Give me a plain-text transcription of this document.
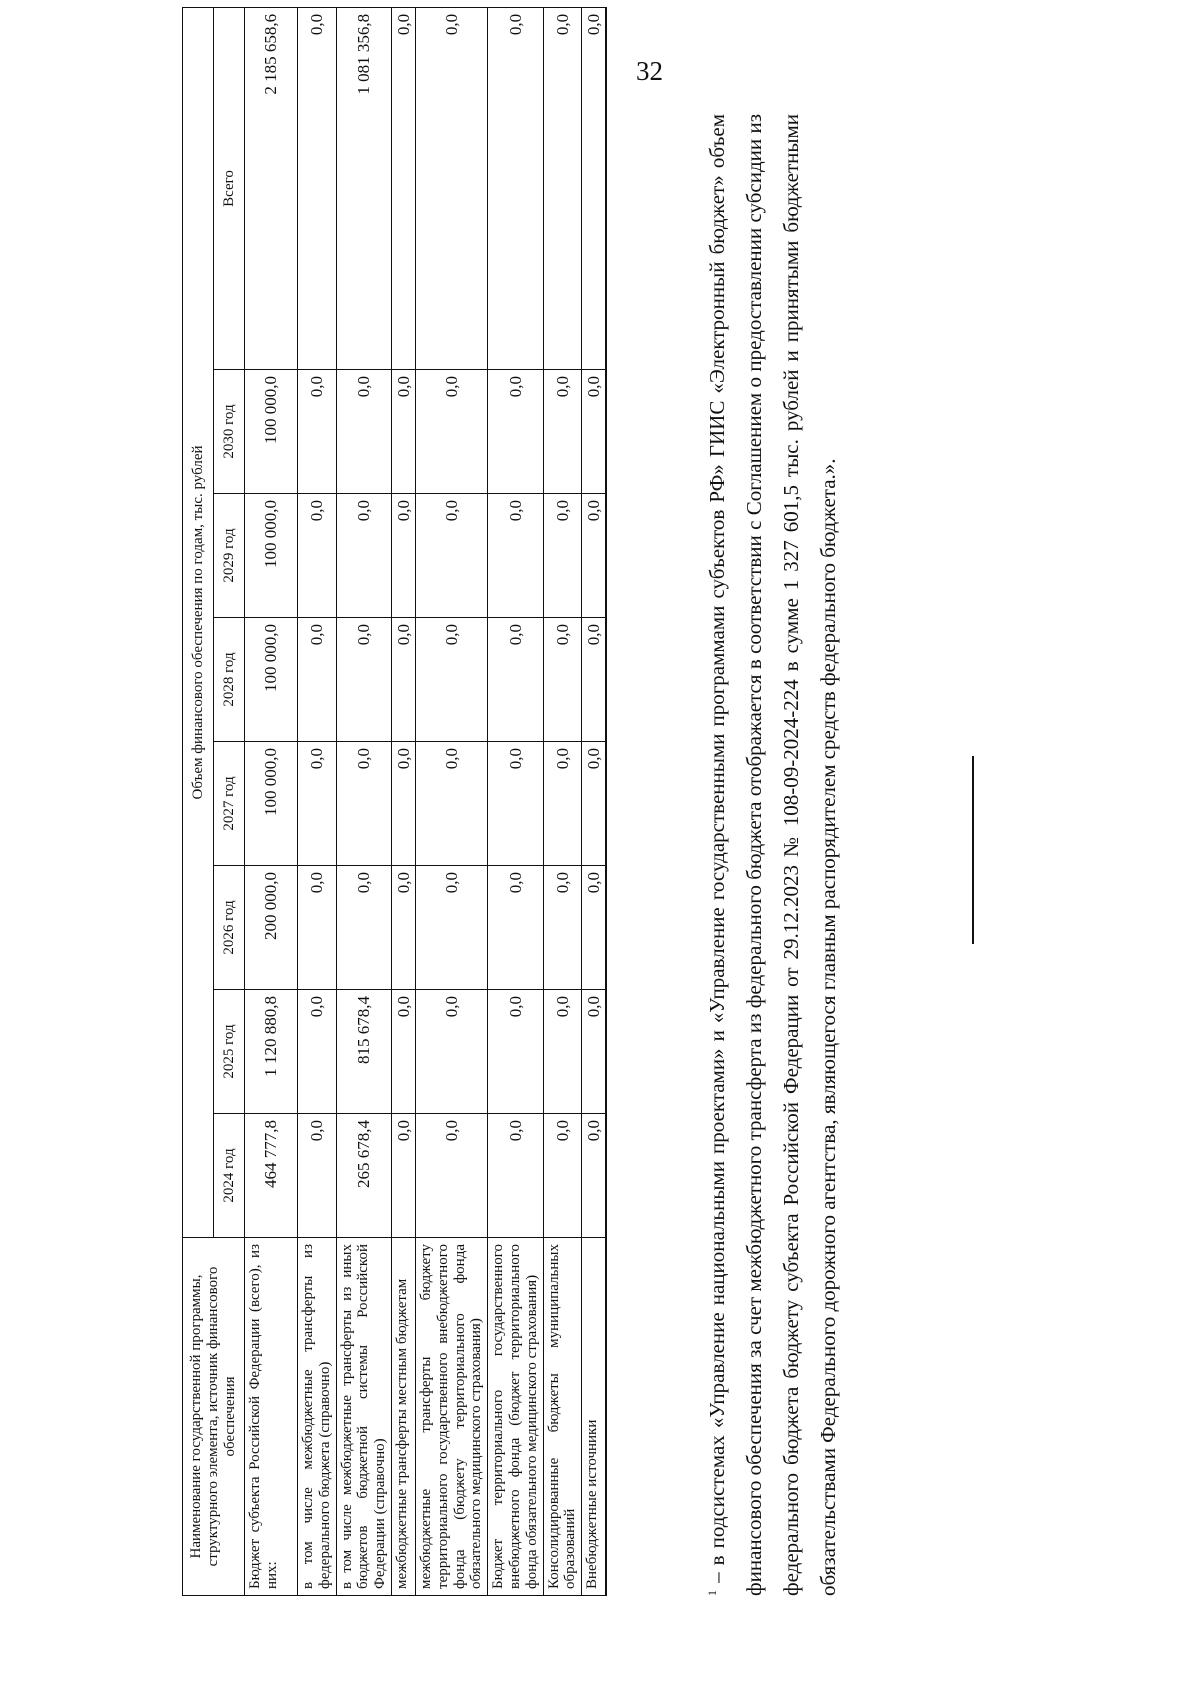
32
Наименование государственной программы, структурного элемента, источник финансового обеспечения	Объем финансового обеспечения по годам, тыс. рублей							
	2024 год	2025 год	2026 год	2027 год	2028 год	2029 год	2030 год	Всего
Бюджет субъекта Российской Федерации (всего), из них:	464 777,8	1 120 880,8	200 000,0	100 000,0	100 000,0	100 000,0	100 000,0	2 185 658,6
в том числе межбюджетные трансферты из федерального бюджета (справочно)	0,0	0,0	0,0	0,0	0,0	0,0	0,0	0,0
в том числе межбюджетные трансферты из иных бюджетов бюджетной системы Российской Федерации (справочно)	265 678,4	815 678,4	0,0	0,0	0,0	0,0	0,0	1 081 356,8
межбюджетные трансферты местным бюджетам	0,0	0,0	0,0	0,0	0,0	0,0	0,0	0,0
межбюджетные трансферты бюджету территориального государственного внебюджетного фонда (бюджету территориального фонда обязательного медицинского страхования)	0,0	0,0	0,0	0,0	0,0	0,0	0,0	0,0
Бюджет территориального государственного внебюджетного фонда (бюджет территориального фонда обязательного медицинского страхования)	0,0	0,0	0,0	0,0	0,0	0,0	0,0	0,0
Консолидированные бюджеты муниципальных образований	0,0	0,0	0,0	0,0	0,0	0,0	0,0	0,0
Внебюджетные источники	0,0	0,0	0,0	0,0	0,0	0,0	0,0	0,0

$^1$ – в подсистемах «Управление национальными проектами» и «Управление государственными программами субъектов РФ» ГИИС «Электронный бюджет» объем финансового обеспечения за счет межбюджетного трансферта из федерального бюджета отображается в соответствии с Соглашением о предоставлении субсидии из федерального бюджета бюджету субъекта Российской Федерации от 29.12.2023 № 108-09-2024-224 в сумме 1 327 601,5 тыс. рублей и принятыми бюджетными обязательствами Федерального дорожного агентства, являющегося главным распорядителем средств федерального бюджета.».
